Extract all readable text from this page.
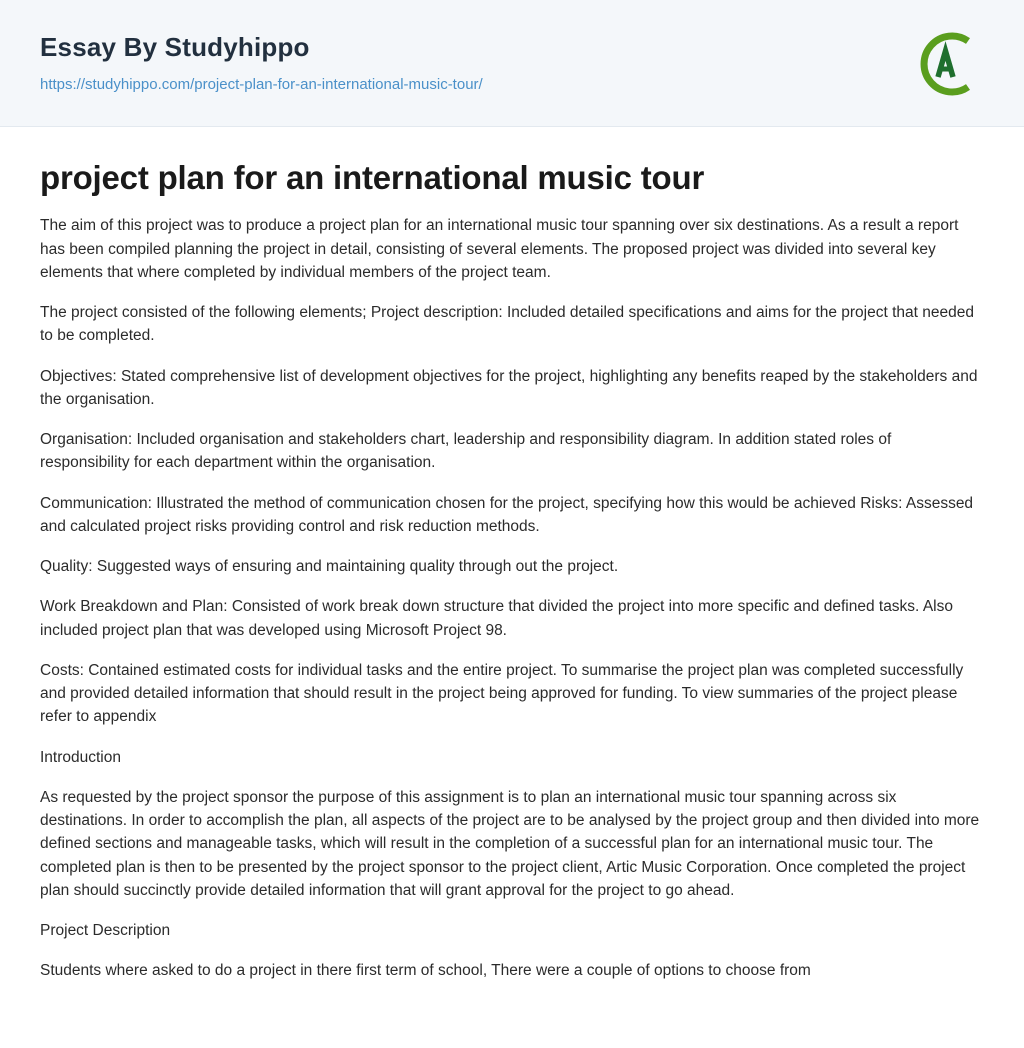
Essay By Studyhippo
https://studyhippo.com/project-plan-for-an-international-music-tour/
project plan for an international music tour

The aim of this project was to produce a project plan for an international music tour spanning over six destinations. As a result a report has been compiled planning the project in detail, consisting of several elements. The proposed project was divided into several key elements that where completed by individual members of the project team.

The project consisted of the following elements; Project description: Included detailed specifications and aims for the project that needed to be completed.

Objectives: Stated comprehensive list of development objectives for the project, highlighting any benefits reaped by the stakeholders and the organisation.

Organisation: Included organisation and stakeholders chart, leadership and responsibility diagram. In addition stated roles of responsibility for each department within the organisation.

Communication: Illustrated the method of communication chosen for the project, specifying how this would be achieved Risks: Assessed and calculated project risks providing control and risk reduction methods.

Quality: Suggested ways of ensuring and maintaining quality through out the project.

Work Breakdown and Plan: Consisted of work break down structure that divided the project into more specific and defined tasks. Also included project plan that was developed using Microsoft Project 98.

Costs: Contained estimated costs for individual tasks and the entire project. To summarise the project plan was completed successfully and provided detailed information that should result in the project being approved for funding. To view summaries of the project please refer to appendix

Introduction

As requested by the project sponsor the purpose of this assignment is to plan an international music tour spanning across six destinations. In order to accomplish the plan, all aspects of the project are to be analysed by the project group and then divided into more defined sections and manageable tasks, which will result in the completion of a successful plan for an international music tour. The completed plan is then to be presented by the project sponsor to the project client, Artic Music Corporation. Once completed the project plan should succinctly provide detailed information that will grant approval for the project to go ahead.

Project Description

Students where asked to do a project in there first term of school, There were a couple of options to choose from
